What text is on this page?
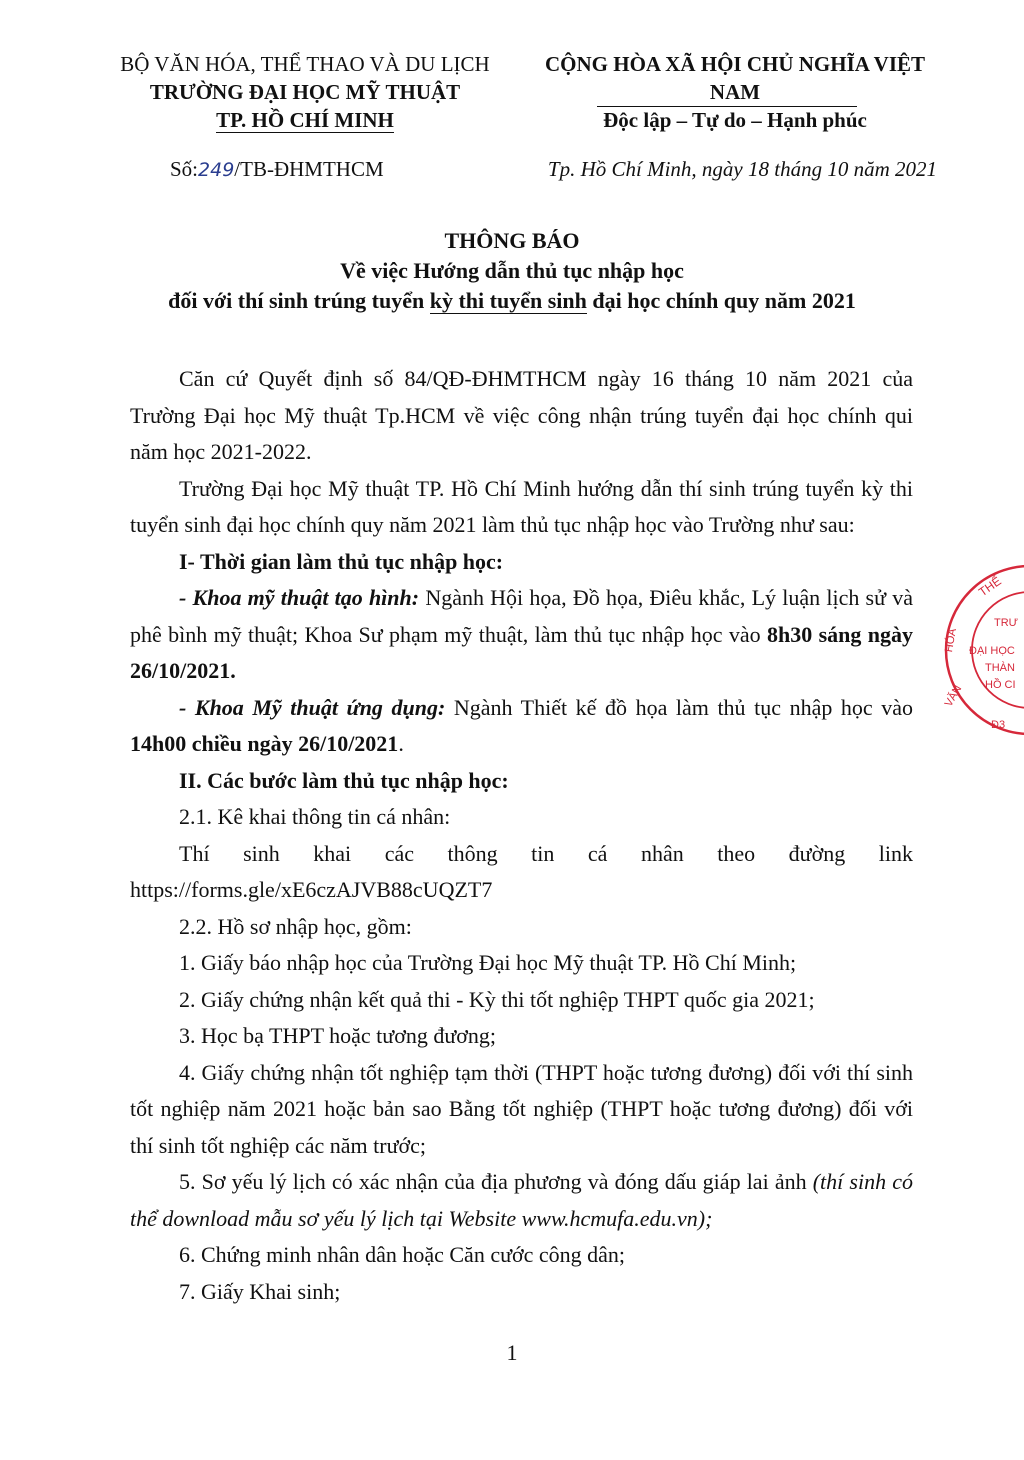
BỘ VĂN HÓA, THỂ THAO VÀ DU LỊCH
TRƯỜNG ĐẠI HỌC MỸ THUẬT
TP. HỒ CHÍ MINH
CỘNG HÒA XÃ HỘI CHỦ NGHĨA VIỆT NAM
Độc lập – Tự do – Hạnh phúc
Số:249/TB-ĐHMTHCM	Tp. Hồ Chí Minh, ngày 18 tháng 10 năm 2021
THÔNG BÁO
Về việc Hướng dẫn thủ tục nhập học
đối với thí sinh trúng tuyển kỳ thi tuyển sinh đại học chính quy năm 2021

Căn cứ Quyết định số 84/QĐ-ĐHMTHCM ngày 16 tháng 10 năm 2021 của Trường Đại học Mỹ thuật Tp.HCM về việc công nhận trúng tuyển đại học chính qui năm học 2021-2022.

Trường Đại học Mỹ thuật TP. Hồ Chí Minh hướng dẫn thí sinh trúng tuyển kỳ thi tuyển sinh đại học chính quy năm 2021 làm thủ tục nhập học vào Trường như sau:

I- Thời gian làm thủ tục nhập học:

- Khoa mỹ thuật tạo hình: Ngành Hội họa, Đồ họa, Điêu khắc, Lý luận lịch sử và phê bình mỹ thuật; Khoa Sư phạm mỹ thuật, làm thủ tục nhập học vào 8h30 sáng ngày 26/10/2021.

- Khoa Mỹ thuật ứng dụng: Ngành Thiết kế đồ họa làm thủ tục nhập học vào 14h00 chiều ngày 26/10/2021.

II. Các bước làm thủ tục nhập học:

2.1. Kê khai thông tin cá nhân:

Thí sinh khai các thông tin cá nhân theo đường link

https://forms.gle/xE6czAJVB88cUQZT7

2.2. Hồ sơ nhập học, gồm:

1. Giấy báo nhập học của Trường Đại học Mỹ thuật TP. Hồ Chí Minh;

2. Giấy chứng nhận kết quả thi - Kỳ thi tốt nghiệp THPT quốc gia 2021;

3. Học bạ THPT hoặc tương đương;

4. Giấy chứng nhận tốt nghiệp tạm thời (THPT hoặc tương đương) đối với thí sinh tốt nghiệp năm 2021 hoặc bản sao Bằng tốt nghiệp (THPT hoặc tương đương) đối với thí sinh tốt nghiệp các năm trước;

5. Sơ yếu lý lịch có xác nhận của địa phương và đóng dấu giáp lai ảnh (thí sinh có thể download mẫu sơ yếu lý lịch tại Website www.hcmufa.edu.vn);

6. Chứng minh nhân dân hoặc Căn cước công dân;

7. Giấy Khai sinh;

THỂ
TRƯ
HÓA ĐẠI HỌC
THÀN
VĂN HỒ CI
Đ3
1
